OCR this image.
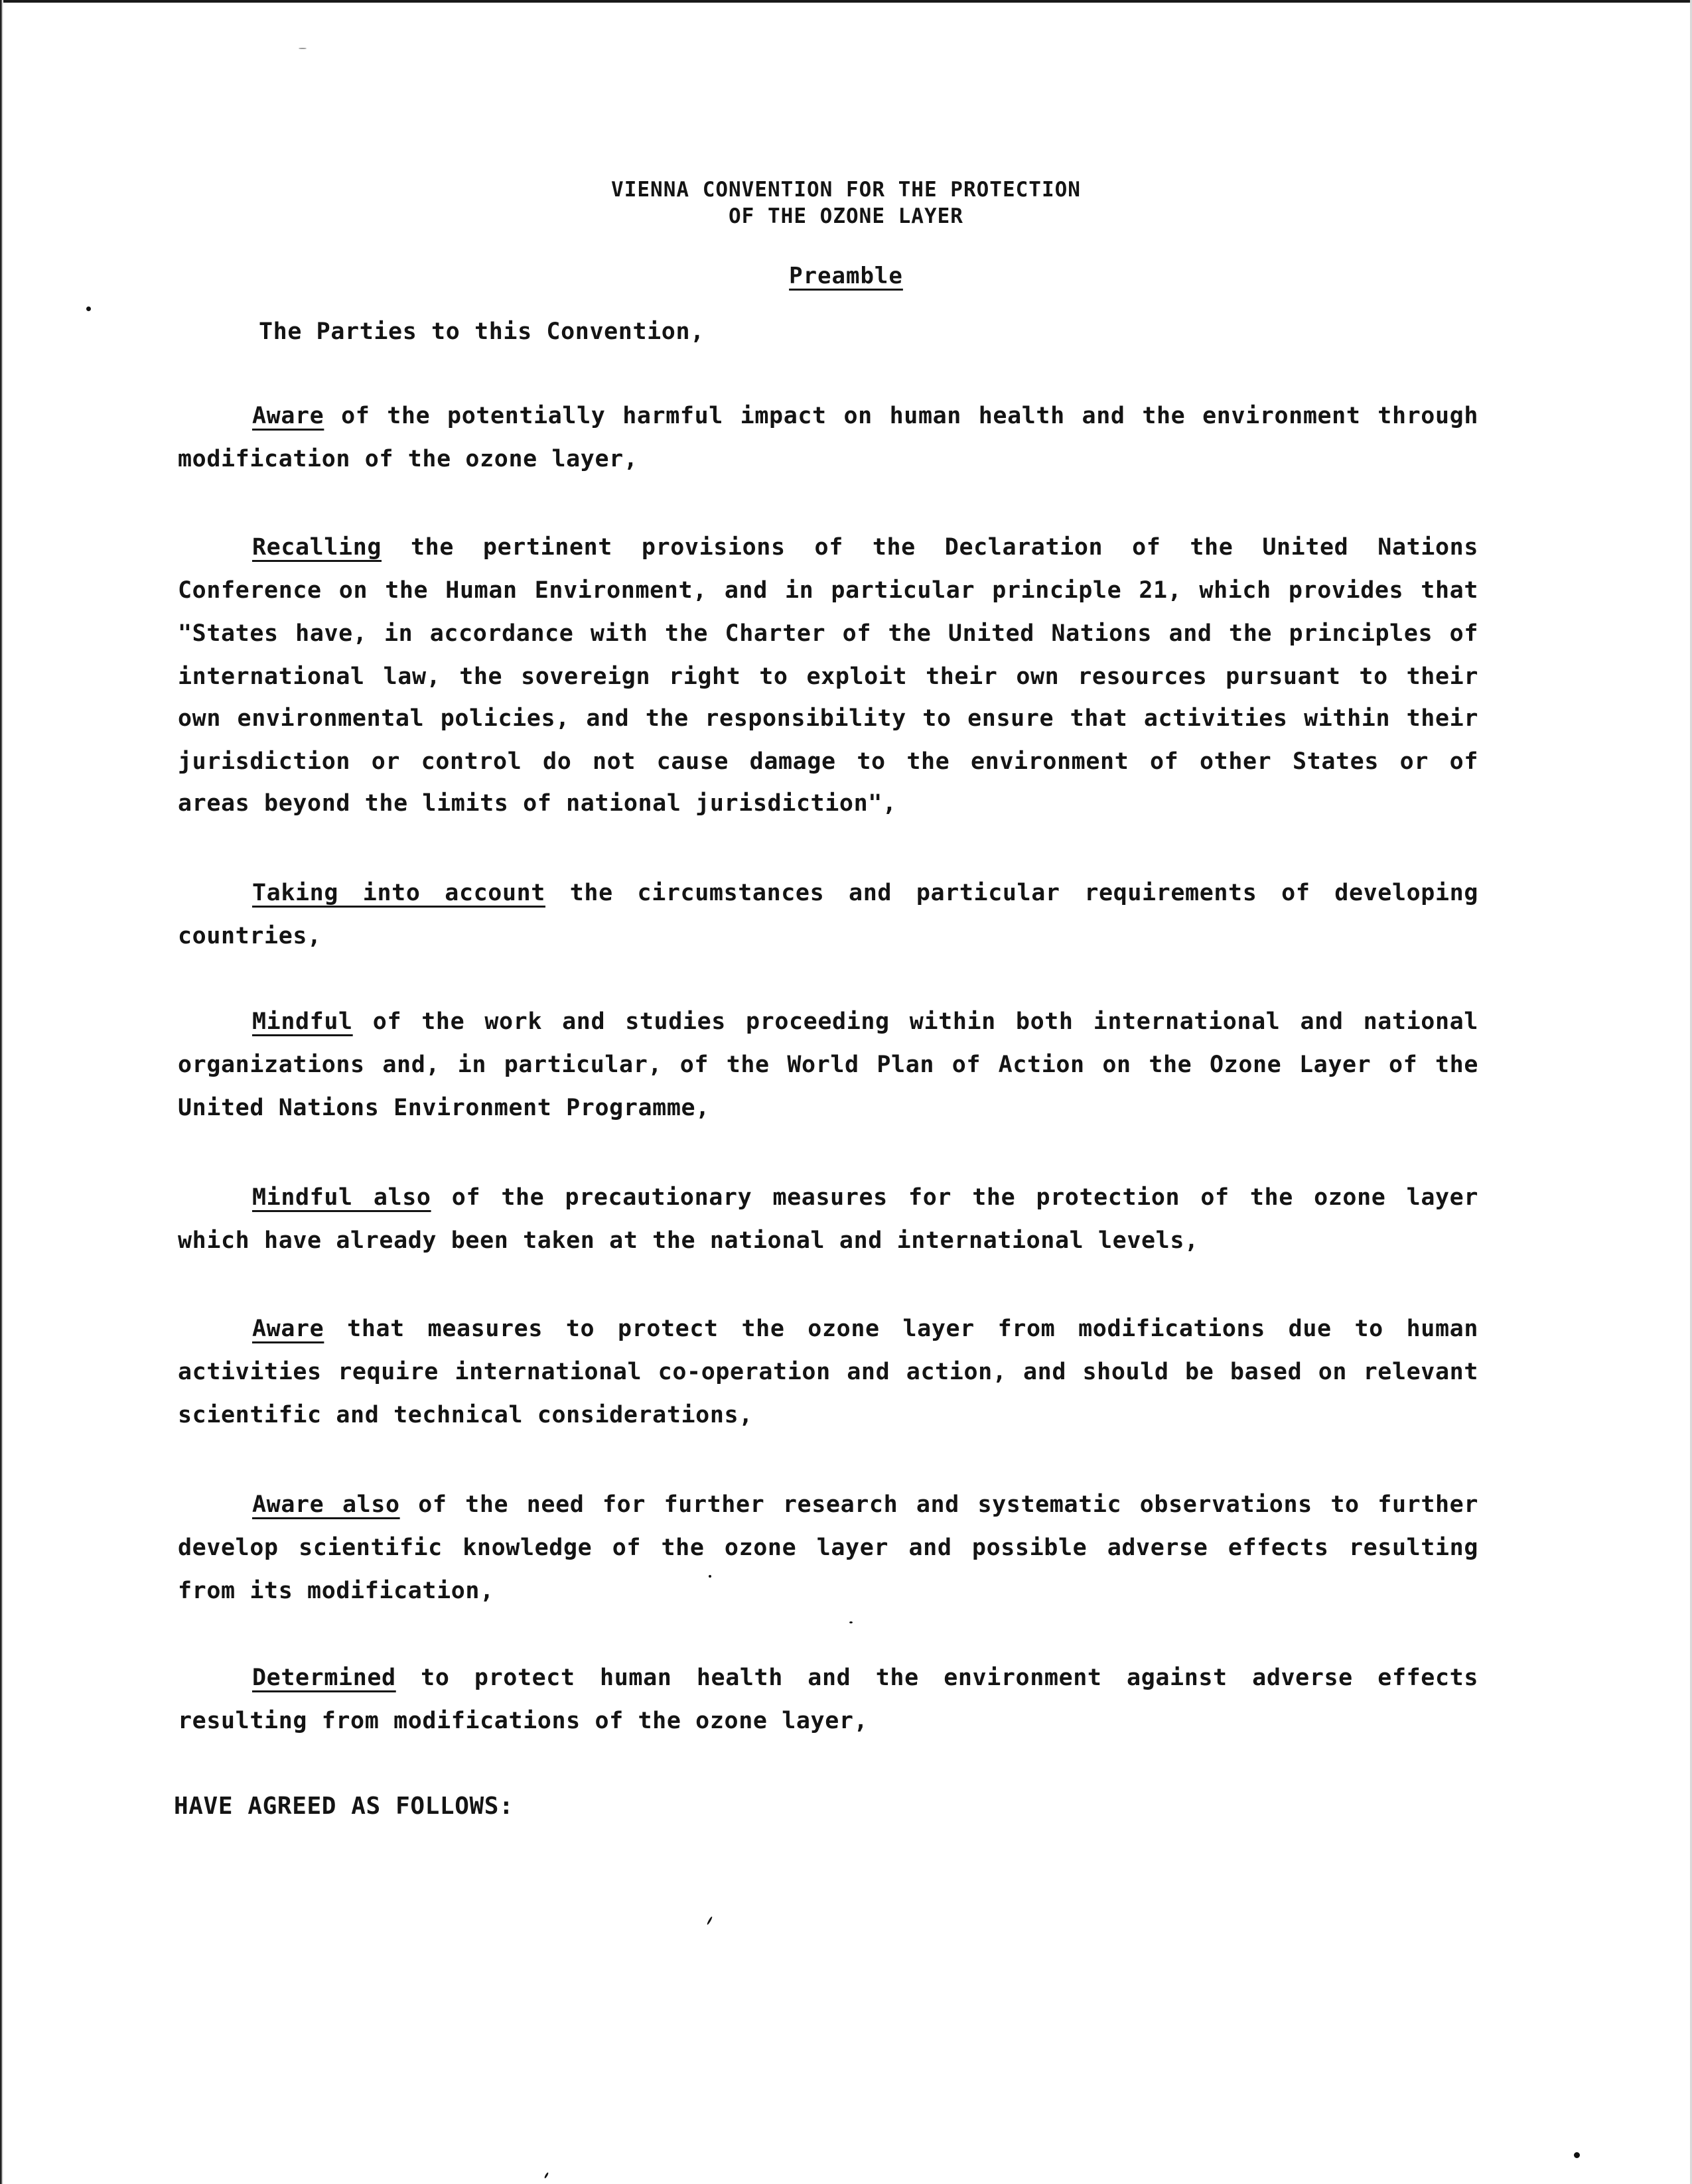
VIENNA CONVENTION FOR THE PROTECTION
OF THE OZONE LAYER
Preamble
The Parties to this Convention,
Aware of the potentially harmful impact on human health and the environment through
modification of the ozone layer,
Recalling the pertinent provisions of the Declaration of the United Nations
Conference on the Human Environment, and in particular principle 21, which provides that
"States have, in accordance with the Charter of the United Nations and the principles of
international law, the sovereign right to exploit their own resources pursuant to their
own environmental policies, and the responsibility to ensure that activities within their
jurisdiction or control do not cause damage to the environment of other States or of
areas beyond the limits of national jurisdiction",
Taking into account the circumstances and particular requirements of developing
countries,
Mindful of the work and studies proceeding within both international and national
organizations and, in particular, of the World Plan of Action on the Ozone Layer of the
United Nations Environment Programme,
Mindful also of the precautionary measures for the protection of the ozone layer
which have already been taken at the national and international levels,
Aware that measures to protect the ozone layer from modifications due to human
activities require international co-operation and action, and should be based on relevant
scientific and technical considerations,
Aware also of the need for further research and systematic observations to further
develop scientific knowledge of the ozone layer and possible adverse effects resulting
from its modification,
Determined to protect human health and the environment against adverse effects
resulting from modifications of the ozone layer,
HAVE AGREED AS FOLLOWS:
